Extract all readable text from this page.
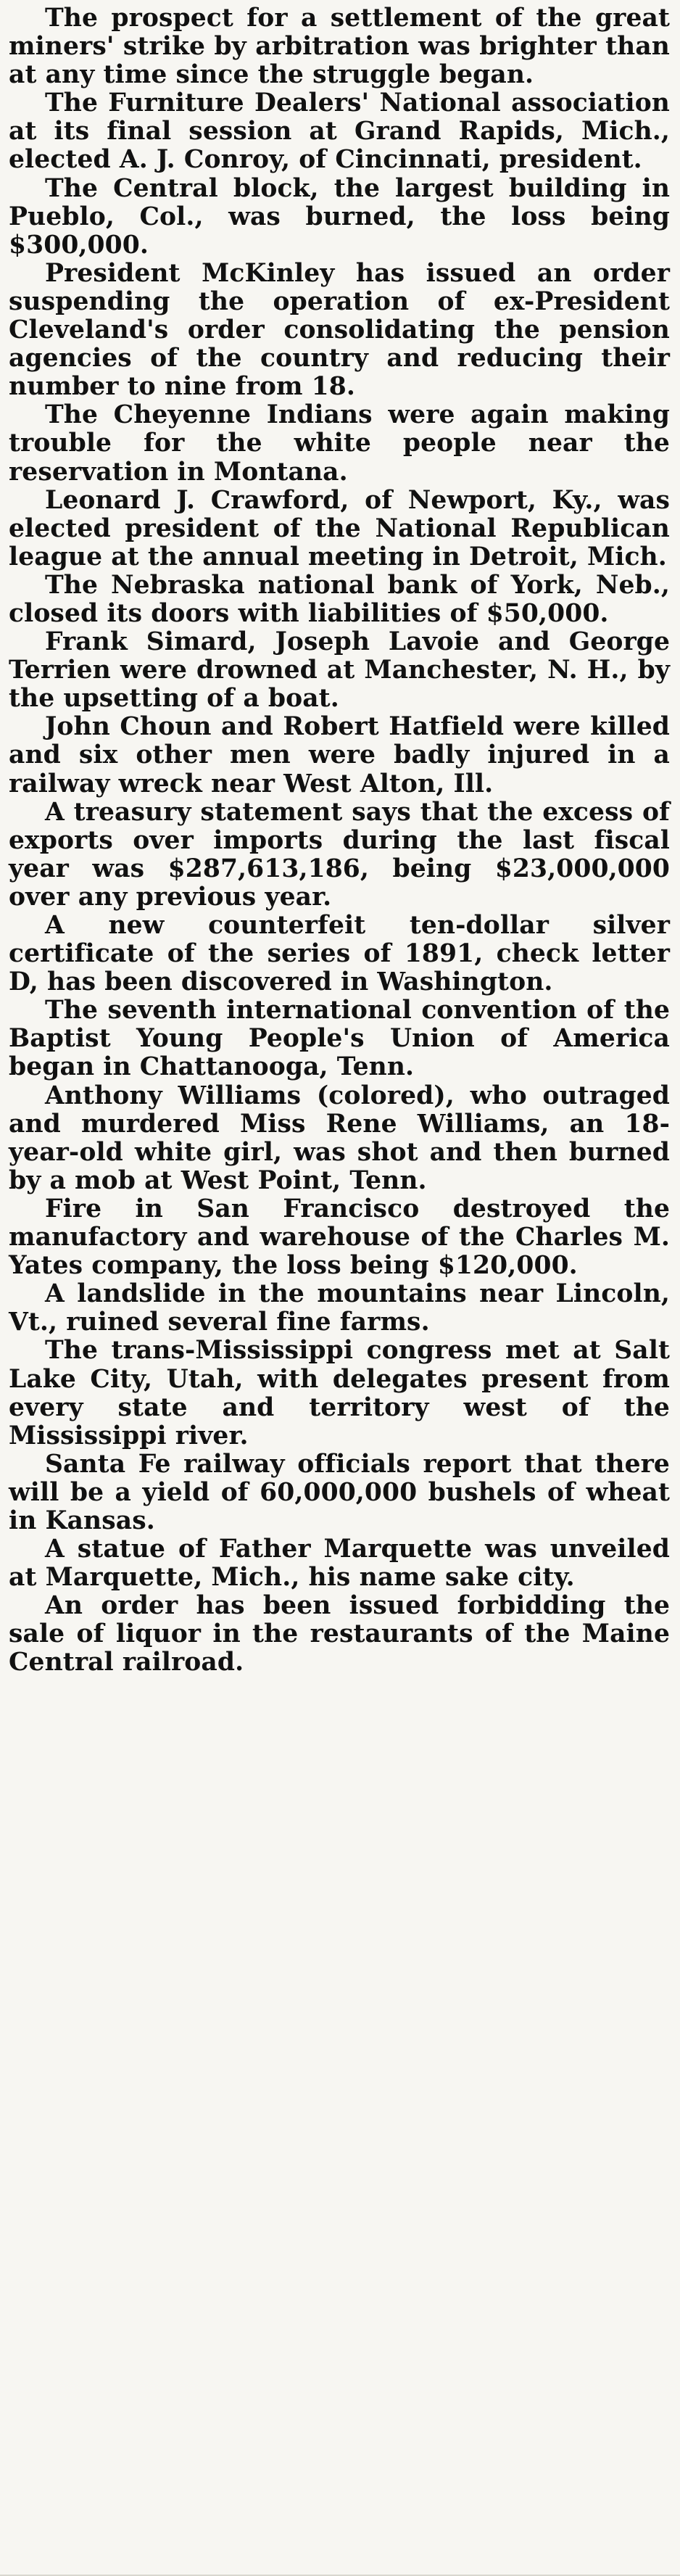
The prospect for a settlement of the great miners' strike by arbitration was brighter than at any time since the struggle began.

The Furniture Dealers' National association at its final session at Grand Rapids, Mich., elected A. J. Conroy, of Cincinnati, president.

The Central block, the largest building in Pueblo, Col., was burned, the loss being $300,000.

President McKinley has issued an order suspending the operation of ex-President Cleveland's order consolidating the pension agencies of the country and reducing their number to nine from 18.

The Cheyenne Indians were again making trouble for the white people near the reservation in Montana.

Leonard J. Crawford, of Newport, Ky., was elected president of the National Republican league at the annual meeting in Detroit, Mich.

The Nebraska national bank of York, Neb., closed its doors with liabilities of $50,000.

Frank Simard, Joseph Lavoie and George Terrien were drowned at Manchester, N. H., by the upsetting of a boat.

John Choun and Robert Hatfield were killed and six other men were badly injured in a railway wreck near West Alton, Ill.

A treasury statement says that the excess of exports over imports during the last fiscal year was $287,613,186, being $23,000,000 over any previous year.

A new counterfeit ten-dollar silver certificate of the series of 1891, check letter D, has been discovered in Washington.

The seventh international convention of the Baptist Young People's Union of America began in Chattanooga, Tenn.

Anthony Williams (colored), who outraged and murdered Miss Rene Williams, an 18-year-old white girl, was shot and then burned by a mob at West Point, Tenn.

Fire in San Francisco destroyed the manufactory and warehouse of the Charles M. Yates company, the loss being $120,000.

A landslide in the mountains near Lincoln, Vt., ruined several fine farms.

The trans-Mississippi congress met at Salt Lake City, Utah, with delegates present from every state and territory west of the Mississippi river.

Santa Fe railway officials report that there will be a yield of 60,000,000 bushels of wheat in Kansas.

A statue of Father Marquette was unveiled at Marquette, Mich., his name sake city.

An order has been issued forbidding the sale of liquor in the restaurants of the Maine Central railroad.
